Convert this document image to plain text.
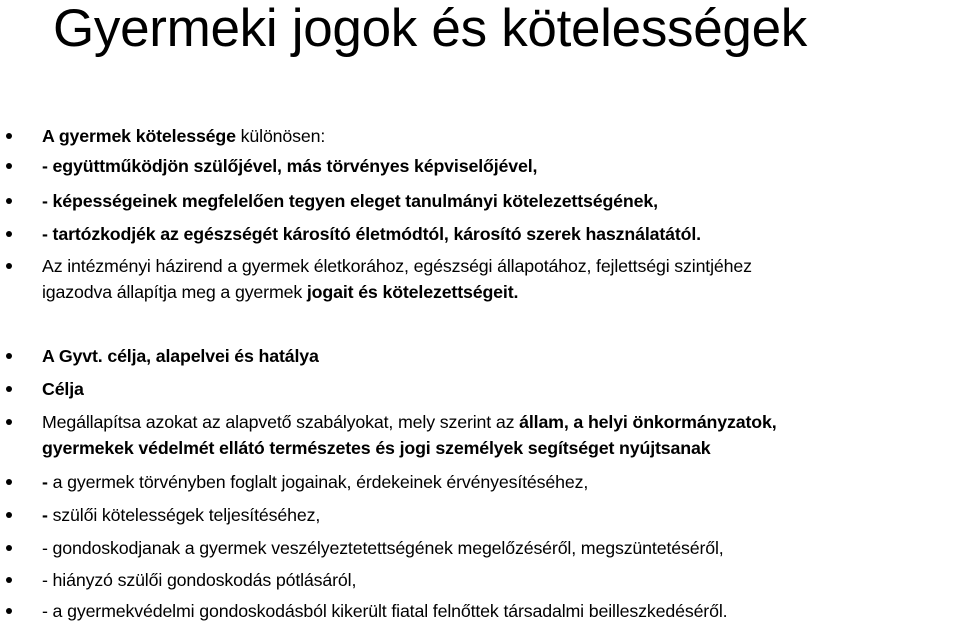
Gyermeki jogok és kötelességek
A gyermek kötelessége különösen:
- együttműködjön szülőjével, más törvényes képviselőjével,
- képességeinek megfelelően tegyen eleget tanulmányi kötelezettségének,
- tartózkodjék az egészségét károsító életmódtól, károsító szerek használatától.
Az intézményi házirend a gyermek életkorához, egészségi állapotához, fejlettségi szintjéhez
igazodva állapítja meg a gyermek jogait és kötelezettségeit.
A Gyvt. célja, alapelvei és hatálya
Célja
Megállapítsa azokat az alapvető szabályokat, mely szerint az állam, a helyi önkormányzatok,
gyermekek védelmét ellátó természetes és jogi személyek segítséget nyújtsanak
- a gyermek törvényben foglalt jogainak, érdekeinek érvényesítéséhez,
- szülői kötelességek teljesítéséhez,
- gondoskodjanak a gyermek veszélyeztetettségének megelőzéséről, megszüntetéséről,
- hiányzó szülői gondoskodás pótlásáról,
- a gyermekvédelmi gondoskodásból kikerült fiatal felnőttek társadalmi beilleszkedéséről.
